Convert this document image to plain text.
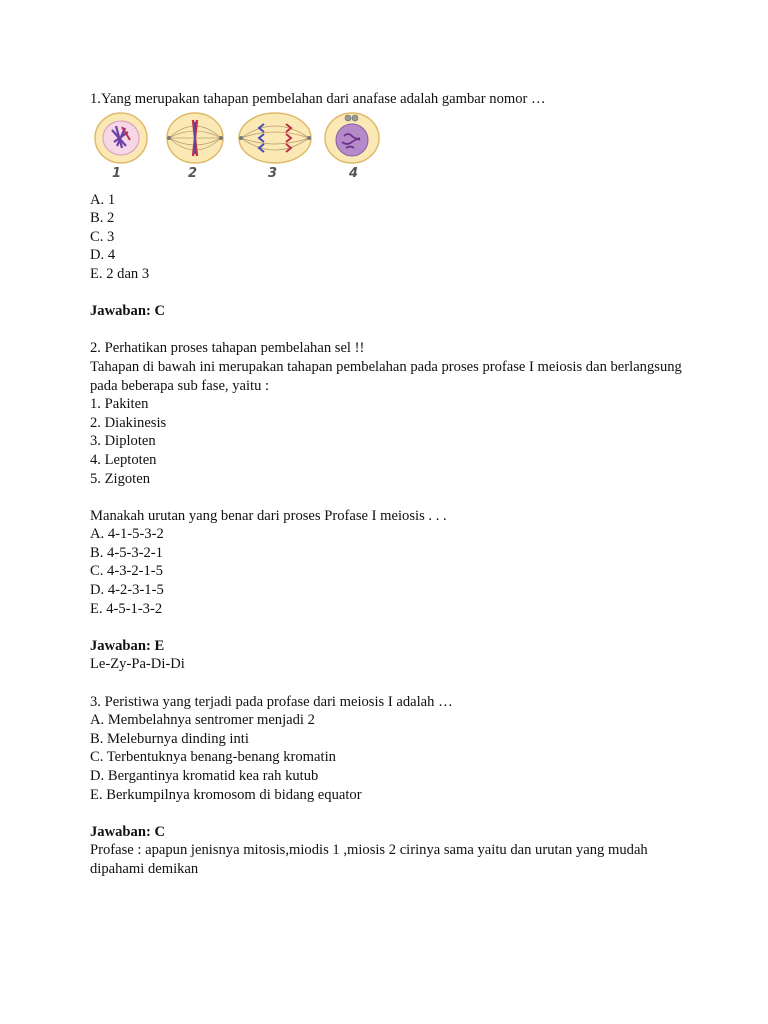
1.Yang merupakan tahapan pembelahan dari anafase adalah gambar nomor …
1	2	3	4
A. 1
B. 2
C. 3
D. 4
E. 2 dan 3
Jawaban: C
2. Perhatikan proses tahapan pembelahan sel !!
Tahapan di bawah ini merupakan tahapan pembelahan pada proses profase I meiosis dan berlangsung pada beberapa sub fase, yaitu :
1. Pakiten
2. Diakinesis
3. Diploten
4. Leptoten
5. Zigoten
Manakah urutan yang benar dari proses Profase I meiosis . . .
A. 4-1-5-3-2
B. 4-5-3-2-1
C. 4-3-2-1-5
D. 4-2-3-1-5
E. 4-5-1-3-2
Jawaban: E
Le-Zy-Pa-Di-Di
3. Peristiwa yang terjadi pada profase dari meiosis I adalah …
A. Membelahnya sentromer menjadi 2
B. Meleburnya dinding inti
C. Terbentuknya benang-benang kromatin
D. Bergantinya kromatid kea rah kutub
E. Berkumpilnya kromosom di bidang equator
Jawaban: C
Profase : apapun jenisnya mitosis,miodis 1 ,miosis 2 cirinya sama yaitu dan urutan yang mudah dipahami demikan
